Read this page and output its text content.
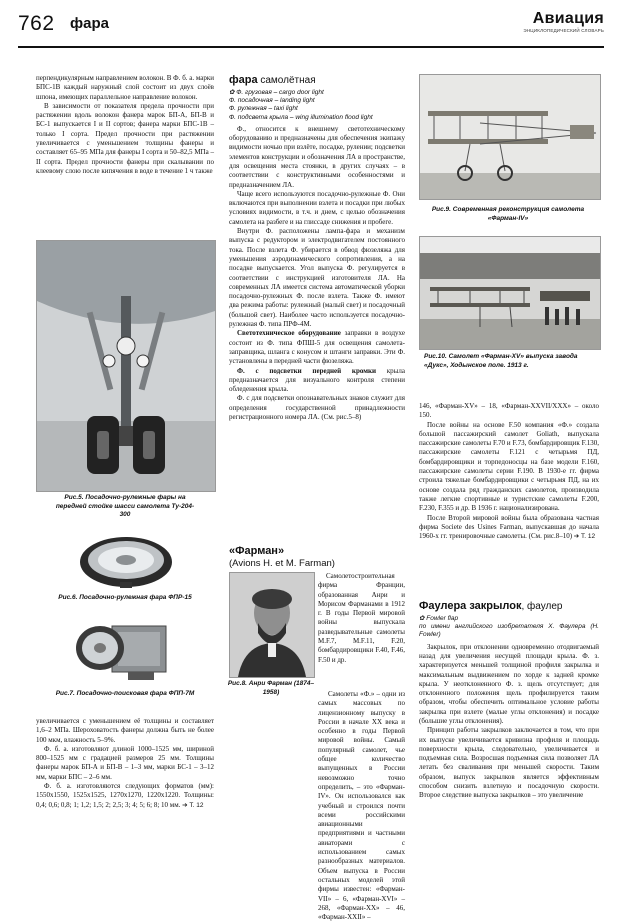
762 фара	Авиация
ЭНЦИКЛОПЕДИЧЕСКИЙ СЛОВАРЬ

перпендикулярным направлением волокон. В Ф. б. а. марки БПС-1В каждый наружный слой состоит из двух слоёв шпона, имеющих параллельное направление волокон.

В зависимости от показателя предела прочности при растяжении вдоль волокон фанера марок БП-А, БП-В и БС-1 выпускается I и II сортов; фанера марки БПС-1В – только I сорта. Предел прочности при растяжении увеличивается с уменьшением толщины фанеры и составляет 65–95 МПа для фанеры I сорта и 50–82,5 МПа – II сорта. Предел прочности фанеры при скалывании по клеевому слою после кипячения в воде в течение 1 ч также

Рис.5. Посадочно-рулежные фары на передней стойке шасси самолета Ту-204-300
Рис.6. Посадочно-рулежная фара ФПР-15
Рис.7. Посадочно-поисковая фара ФПП-7М

увеличивается с уменьшением её толщины и составляет 1,6–2 МПа. Шероховатость фанеры должна быть не более 100 мкм, влажность 5–9%.

Ф. б. а. изготовляют длиной 1000–1525 мм, шириной 800–1525 мм с градацией размеров 25 мм. Толщины фанеры марок БП-А и БП-В – 1–3 мм, марки БС-1 – 3–12 мм, марки БПС – 2–6 мм.

Ф. б. а. изготовляются следующих форматов (мм): 1550х1550, 1525х1525, 1270х1270, 1220х1220. Толщины: 0,4; 0,6; 0,8; 1; 1,2; 1,5; 2; 2,5; 3; 4; 5; 6; 8; 10 мм. ➔ Т. 12

фара самолётная
✿ Ф. грузовая – cargo door light
Ф. посадочная – landing light
Ф. рулежная – taxi light
Ф. подсвета крыла – wing illumination flood light

Ф., относится к внешнему светотехническому оборудованию и предназначены для обеспечения экипажу видимости ночью при взлёте, посадке, рулении; подсветки элементов конструкции и обозначения ЛА в пространстве, для освещения места стоянки, в других случаях – в соответствии с конструктивными особенностями и предназначением ЛА.

Чаще всего используются посадочно-рулежные Ф. Они включаются при выполнении взлета и посадки при любых условиях видимости, в т.ч. и днем, с целью обозначения самолета на разбеге и на глиссаде снижения и пробеге.

Внутри Ф. расположены лампа-фара и механизм выпуска с редуктором и электродвигателем постоянного тока. После взлета Ф. убирается в обвод фюзеляжа для уменьшения аэродинамического сопротивления, а на посадке выпускается. Угол выпуска Ф. регулируется в соответствии с инструкцией изготовителя ЛА. На современных ЛА имеется система автоматической уборки посадочно-рулежных Ф. после взлета. Также Ф. имеют два режима работы: рулежный (малый свет) и посадочный (большой свет). Наиболее часто используется посадочно-рулежная Ф. типа ПРФ-4М.

Светотехническое оборудование заправки в воздухе состоит из Ф. типа ФПШ-5 для освещения самолета-заправщика, шланга с конусом и штанги заправки. Эти Ф. установлены в передней части фюзеляжа.

Ф. с подсветки передней кромки крыла предназначается для визуального контроля степени обледенения крыла.

Ф. с для подсветки опознавательных знаков служит для определения государственной принадлежности регистрационного номера ЛА. (См. рис.5–8)

«Фарман»
(Avions H. et M. Farman)
Рис.8. Анри Фарман (1874–1958)

Самолетостроительная фирма Франции, образованная Анри и Морисом Фарманами в 1912 г. В годы Первой мировой войны выпускала разведывательные самолеты М.F.7, М.F.11, F.20, бомбардировщики F.40, F.46, F.50 и др.

Самолеты «Ф.» – одни из самых массовых по лицензионному выпуску в России в начале XX века и особенно в годы Первой мировой войны. Самый популярный самолет, чье общее количество выпущенных в России невозможно точно определить, – это «Фарман-IV». Он использовался как учебный и строился почти всеми российскими авиационными предприятиями и частными авиаторами с использованием самых разнообразных материалов. Объем выпуска в России остальных моделей этой фирмы известен: «Фарман-VII» – 6, «Фарман-XVI» – 268, «Фарман-XX» – 46, «Фарман-XXII» –

Рис.9. Современная реконструкция самолета «Фарман-IV»
Рис.10. Самолет «Фарман-XV» выпуска завода «Дукс», Ходынское поле. 1913 г.

146, «Фарман-XV» – 18, «Фарман-XXVII/XXX» – около 150.

После войны на основе F.50 компания «Ф.» создала большой пассажирский самолет Goliath, выпускала пассажирские самолеты F.70 и F.73, бомбардировщик F.130, пассажирские самолеты F.121 с четырьмя ПД, бомбардировщики и торпедоносцы на базе модели F.160, пассажирские самолеты серии F.190. В 1930-е гг. фирма строила тяжелые бомбардировщики с четырьмя ПД, на их основе создала ряд гражданских самолетов, производила также легкие спортивные и туристские самолеты F.200, F.230, F.355 и др. В 1936 г. национализирована.

После Второй мировой войны была образована частная фирма Societe des Usines Farman, выпускавшая до начала 1960-х гг. тренировочные самолеты. (См. рис.8–10) ➔ Т. 12

Фаулера закрылок, фаулер
✿ Fowler flap
по имени английского изобретателя Х. Фаулера (H. Fowler)

Закрылок, при отклонении одновременно отодвигаемый назад для увеличения несущей площади крыла. Ф. з. характеризуется меньшей толщиной профиля закрылка и максимальным выдвижением по хорде к задней кромке крыла. У неотклоненного Ф. з. щель отсутствует; для отклоненного положения щель профилируется таким образом, чтобы обеспечить оптимальное условие работы закрылка при взлете (малые углы отклонения) и посадке (большие углы отклонения).

Принцип работы закрылков заключается в том, что при их выпуске увеличивается кривизна профиля и площадь поверхности крыла, следовательно, увеличивается и подъемная сила. Возросшая подъемная сила позволяет ЛА летать без сваливания при меньшей скорости. Таким образом, выпуск закрылков является эффективным способом снизить взлетную и посадочную скорости. Второе следствие выпуска закрылков – это увеличение
